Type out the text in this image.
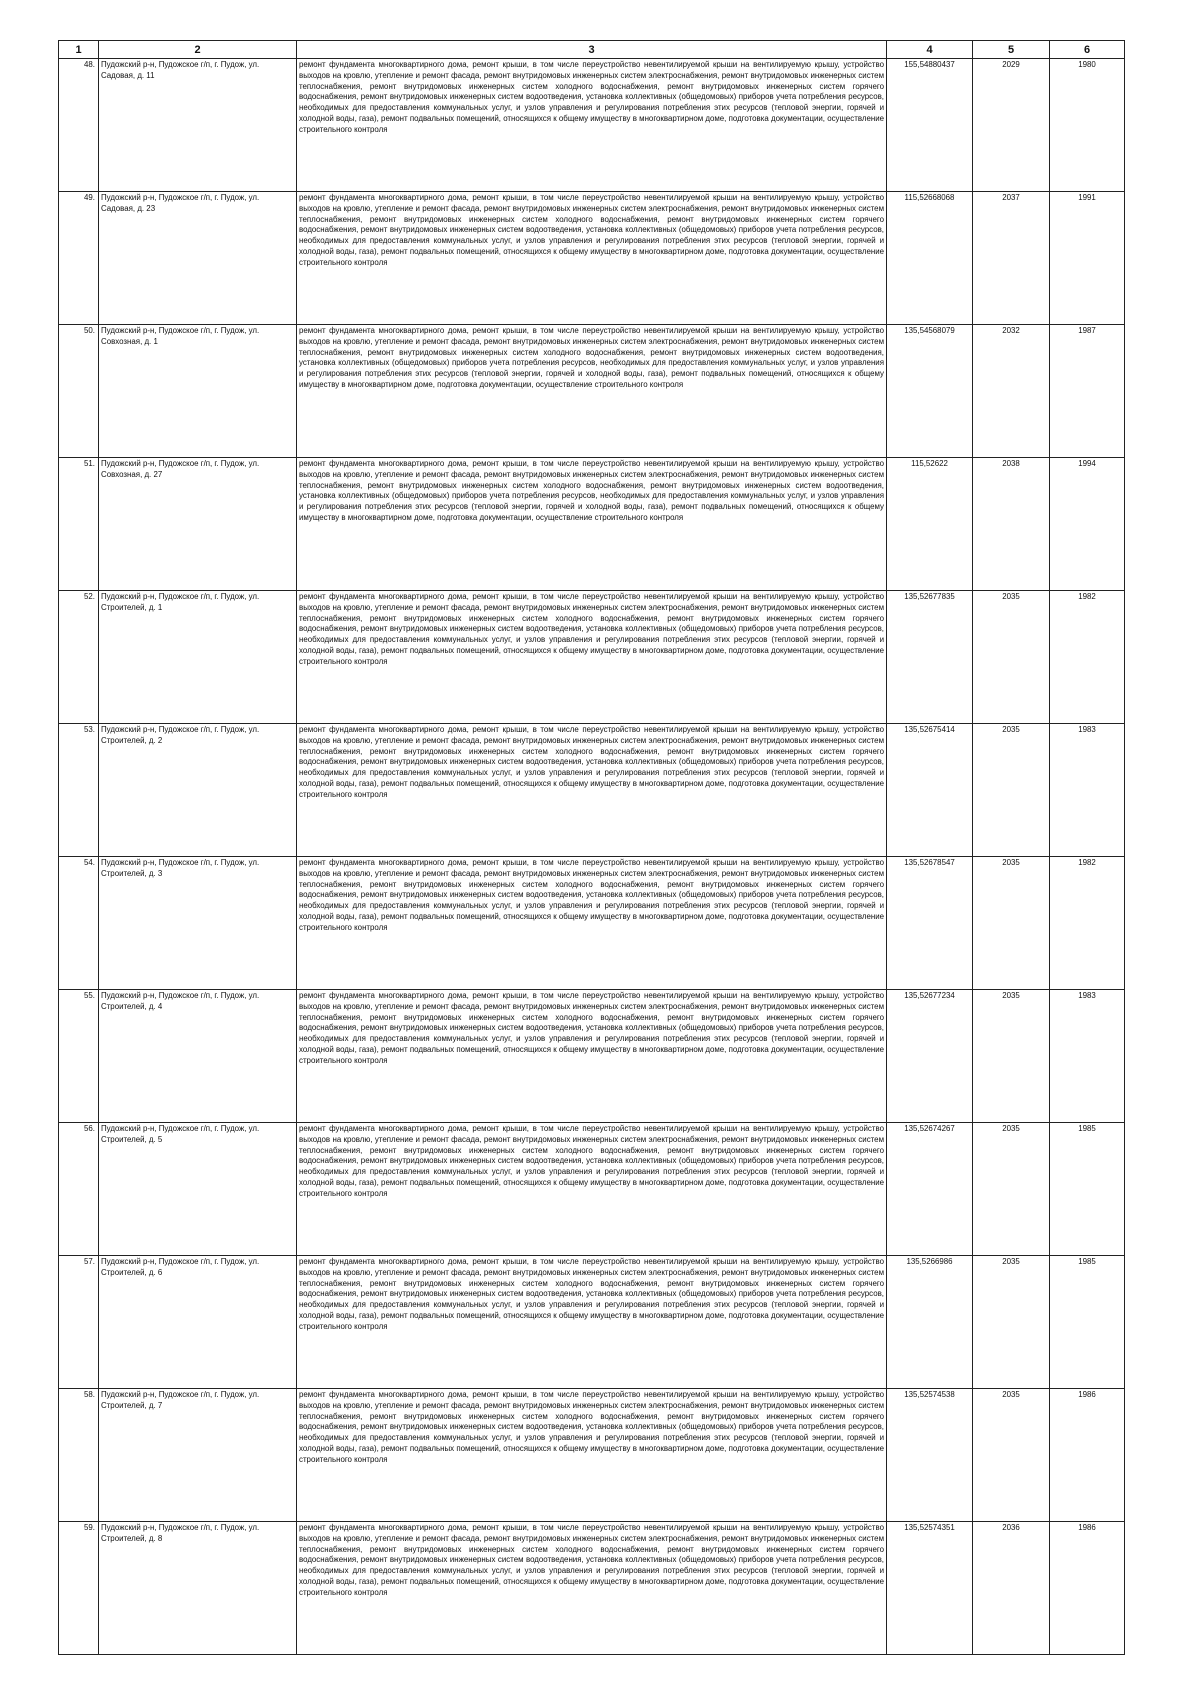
1	2	3	4	5	6
48.	Пудожский р-н, Пудожское г/п, г. Пудож, ул. Садовая, д. 11	ремонт фундамента многоквартирного дома, ремонт крыши, в том числе переустройство невентилируемой крыши на вентилируемую крышу, устройство выходов на кровлю, утепление и ремонт фасада, ремонт внутридомовых инженерных систем электроснабжения, ремонт внутридомовых инженерных систем теплоснабжения, ремонт внутридомовых инженерных систем холодного водоснабжения, ремонт внутридомовых инженерных систем горячего водоснабжения, ремонт внутридомовых инженерных систем водоотведения, установка коллективных (общедомовых) приборов учета потребления ресурсов, необходимых для предоставления коммунальных услуг, и узлов управления и регулирования потребления этих ресурсов (тепловой энергии, горячей и холодной воды, газа), ремонт подвальных помещений, относящихся к общему имуществу в многоквартирном доме, подготовка документации, осуществление строительного контроля	155,54880437	2029	1980
49.	Пудожский р-н, Пудожское г/п, г. Пудож, ул. Садовая, д. 23	ремонт фундамента многоквартирного дома, ремонт крыши, в том числе переустройство невентилируемой крыши на вентилируемую крышу, устройство выходов на кровлю, утепление и ремонт фасада, ремонт внутридомовых инженерных систем электроснабжения, ремонт внутридомовых инженерных систем теплоснабжения, ремонт внутридомовых инженерных систем холодного водоснабжения, ремонт внутридомовых инженерных систем горячего водоснабжения, ремонт внутридомовых инженерных систем водоотведения, установка коллективных (общедомовых) приборов учета потребления ресурсов, необходимых для предоставления коммунальных услуг, и узлов управления и регулирования потребления этих ресурсов (тепловой энергии, горячей и холодной воды, газа), ремонт подвальных помещений, относящихся к общему имуществу в многоквартирном доме, подготовка документации, осуществление строительного контроля	115,52668068	2037	1991
50.	Пудожский р-н, Пудожское г/п, г. Пудож, ул. Совхозная, д. 1	ремонт фундамента многоквартирного дома, ремонт крыши, в том числе переустройство невентилируемой крыши на вентилируемую крышу, устройство выходов на кровлю, утепление и ремонт фасада, ремонт внутридомовых инженерных систем электроснабжения, ремонт внутридомовых инженерных систем теплоснабжения, ремонт внутридомовых инженерных систем холодного водоснабжения, ремонт внутридомовых инженерных систем водоотведения, установка коллективных (общедомовых) приборов учета потребления ресурсов, необходимых для предоставления коммунальных услуг, и узлов управления и регулирования потребления этих ресурсов (тепловой энергии, горячей и холодной воды, газа), ремонт подвальных помещений, относящихся к общему имуществу в многоквартирном доме, подготовка документации, осуществление строительного контроля	135,54568079	2032	1987
51.	Пудожский р-н, Пудожское г/п, г. Пудож, ул. Совхозная, д. 27	ремонт фундамента многоквартирного дома, ремонт крыши, в том числе переустройство невентилируемой крыши на вентилируемую крышу, устройство выходов на кровлю, утепление и ремонт фасада, ремонт внутридомовых инженерных систем электроснабжения, ремонт внутридомовых инженерных систем теплоснабжения, ремонт внутридомовых инженерных систем холодного водоснабжения, ремонт внутридомовых инженерных систем водоотведения, установка коллективных (общедомовых) приборов учета потребления ресурсов, необходимых для предоставления коммунальных услуг, и узлов управления и регулирования потребления этих ресурсов (тепловой энергии, горячей и холодной воды, газа), ремонт подвальных помещений, относящихся к общему имуществу в многоквартирном доме, подготовка документации, осуществление строительного контроля	115,52622	2038	1994
52.	Пудожский р-н, Пудожское г/п, г. Пудож, ул. Строителей, д. 1	ремонт фундамента многоквартирного дома, ремонт крыши, в том числе переустройство невентилируемой крыши на вентилируемую крышу, устройство выходов на кровлю, утепление и ремонт фасада, ремонт внутридомовых инженерных систем электроснабжения, ремонт внутридомовых инженерных систем теплоснабжения, ремонт внутридомовых инженерных систем холодного водоснабжения, ремонт внутридомовых инженерных систем горячего водоснабжения, ремонт внутридомовых инженерных систем водоотведения, установка коллективных (общедомовых) приборов учета потребления ресурсов, необходимых для предоставления коммунальных услуг, и узлов управления и регулирования потребления этих ресурсов (тепловой энергии, горячей и холодной воды, газа), ремонт подвальных помещений, относящихся к общему имуществу в многоквартирном доме, подготовка документации, осуществление строительного контроля	135,52677835	2035	1982
53.	Пудожский р-н, Пудожское г/п, г. Пудож, ул. Строителей, д. 2	ремонт фундамента многоквартирного дома, ремонт крыши, в том числе переустройство невентилируемой крыши на вентилируемую крышу, устройство выходов на кровлю, утепление и ремонт фасада, ремонт внутридомовых инженерных систем электроснабжения, ремонт внутридомовых инженерных систем теплоснабжения, ремонт внутридомовых инженерных систем холодного водоснабжения, ремонт внутридомовых инженерных систем горячего водоснабжения, ремонт внутридомовых инженерных систем водоотведения, установка коллективных (общедомовых) приборов учета потребления ресурсов, необходимых для предоставления коммунальных услуг, и узлов управления и регулирования потребления этих ресурсов (тепловой энергии, горячей и холодной воды, газа), ремонт подвальных помещений, относящихся к общему имуществу в многоквартирном доме, подготовка документации, осуществление строительного контроля	135,52675414	2035	1983
54.	Пудожский р-н, Пудожское г/п, г. Пудож, ул. Строителей, д. 3	ремонт фундамента многоквартирного дома, ремонт крыши, в том числе переустройство невентилируемой крыши на вентилируемую крышу, устройство выходов на кровлю, утепление и ремонт фасада, ремонт внутридомовых инженерных систем электроснабжения, ремонт внутридомовых инженерных систем теплоснабжения, ремонт внутридомовых инженерных систем холодного водоснабжения, ремонт внутридомовых инженерных систем горячего водоснабжения, ремонт внутридомовых инженерных систем водоотведения, установка коллективных (общедомовых) приборов учета потребления ресурсов, необходимых для предоставления коммунальных услуг, и узлов управления и регулирования потребления этих ресурсов (тепловой энергии, горячей и холодной воды, газа), ремонт подвальных помещений, относящихся к общему имуществу в многоквартирном доме, подготовка документации, осуществление строительного контроля	135,52678547	2035	1982
55.	Пудожский р-н, Пудожское г/п, г. Пудож, ул. Строителей, д. 4	ремонт фундамента многоквартирного дома, ремонт крыши, в том числе переустройство невентилируемой крыши на вентилируемую крышу, устройство выходов на кровлю, утепление и ремонт фасада, ремонт внутридомовых инженерных систем электроснабжения, ремонт внутридомовых инженерных систем теплоснабжения, ремонт внутридомовых инженерных систем холодного водоснабжения, ремонт внутридомовых инженерных систем горячего водоснабжения, ремонт внутридомовых инженерных систем водоотведения, установка коллективных (общедомовых) приборов учета потребления ресурсов, необходимых для предоставления коммунальных услуг, и узлов управления и регулирования потребления этих ресурсов (тепловой энергии, горячей и холодной воды, газа), ремонт подвальных помещений, относящихся к общему имуществу в многоквартирном доме, подготовка документации, осуществление строительного контроля	135,52677234	2035	1983
56.	Пудожский р-н, Пудожское г/п, г. Пудож, ул. Строителей, д. 5	ремонт фундамента многоквартирного дома, ремонт крыши, в том числе переустройство невентилируемой крыши на вентилируемую крышу, устройство выходов на кровлю, утепление и ремонт фасада, ремонт внутридомовых инженерных систем электроснабжения, ремонт внутридомовых инженерных систем теплоснабжения, ремонт внутридомовых инженерных систем холодного водоснабжения, ремонт внутридомовых инженерных систем горячего водоснабжения, ремонт внутридомовых инженерных систем водоотведения, установка коллективных (общедомовых) приборов учета потребления ресурсов, необходимых для предоставления коммунальных услуг, и узлов управления и регулирования потребления этих ресурсов (тепловой энергии, горячей и холодной воды, газа), ремонт подвальных помещений, относящихся к общему имуществу в многоквартирном доме, подготовка документации, осуществление строительного контроля	135,52674267	2035	1985
57.	Пудожский р-н, Пудожское г/п, г. Пудож, ул. Строителей, д. 6	ремонт фундамента многоквартирного дома, ремонт крыши, в том числе переустройство невентилируемой крыши на вентилируемую крышу, устройство выходов на кровлю, утепление и ремонт фасада, ремонт внутридомовых инженерных систем электроснабжения, ремонт внутридомовых инженерных систем теплоснабжения, ремонт внутридомовых инженерных систем холодного водоснабжения, ремонт внутридомовых инженерных систем горячего водоснабжения, ремонт внутридомовых инженерных систем водоотведения, установка коллективных (общедомовых) приборов учета потребления ресурсов, необходимых для предоставления коммунальных услуг, и узлов управления и регулирования потребления этих ресурсов (тепловой энергии, горячей и холодной воды, газа), ремонт подвальных помещений, относящихся к общему имуществу в многоквартирном доме, подготовка документации, осуществление строительного контроля	135,5266986	2035	1985
58.	Пудожский р-н, Пудожское г/п, г. Пудож, ул. Строителей, д. 7	ремонт фундамента многоквартирного дома, ремонт крыши, в том числе переустройство невентилируемой крыши на вентилируемую крышу, устройство выходов на кровлю, утепление и ремонт фасада, ремонт внутридомовых инженерных систем электроснабжения, ремонт внутридомовых инженерных систем теплоснабжения, ремонт внутридомовых инженерных систем холодного водоснабжения, ремонт внутридомовых инженерных систем горячего водоснабжения, ремонт внутридомовых инженерных систем водоотведения, установка коллективных (общедомовых) приборов учета потребления ресурсов, необходимых для предоставления коммунальных услуг, и узлов управления и регулирования потребления этих ресурсов (тепловой энергии, горячей и холодной воды, газа), ремонт подвальных помещений, относящихся к общему имуществу в многоквартирном доме, подготовка документации, осуществление строительного контроля	135,52574538	2035	1986
59.	Пудожский р-н, Пудожское г/п, г. Пудож, ул. Строителей, д. 8	ремонт фундамента многоквартирного дома, ремонт крыши, в том числе переустройство невентилируемой крыши на вентилируемую крышу, устройство выходов на кровлю, утепление и ремонт фасада, ремонт внутридомовых инженерных систем электроснабжения, ремонт внутридомовых инженерных систем теплоснабжения, ремонт внутридомовых инженерных систем холодного водоснабжения, ремонт внутридомовых инженерных систем горячего водоснабжения, ремонт внутридомовых инженерных систем водоотведения, установка коллективных (общедомовых) приборов учета потребления ресурсов, необходимых для предоставления коммунальных услуг, и узлов управления и регулирования потребления этих ресурсов (тепловой энергии, горячей и холодной воды, газа), ремонт подвальных помещений, относящихся к общему имуществу в многоквартирном доме, подготовка документации, осуществление строительного контроля	135,52574351	2036	1986
